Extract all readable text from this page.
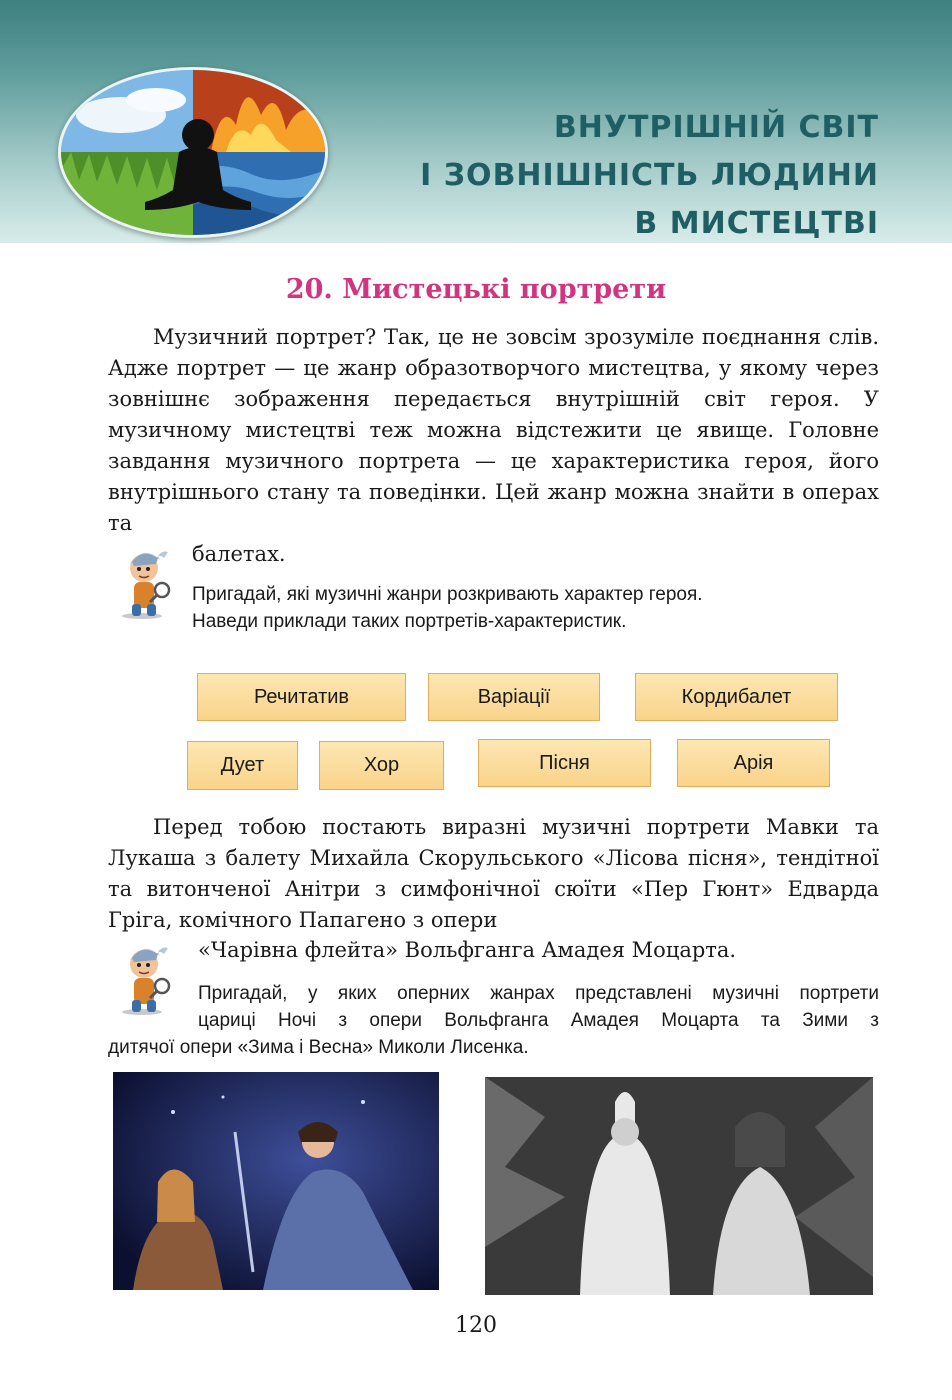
ВНУТРІШНІЙ СВІТ
І ЗОВНІШНІСТЬ ЛЮДИНИ
В МИСТЕЦТВІ
20. Мистецькі портрети
Музичний портрет? Так, це не зовсім зрозуміле поєднання слів. Адже портрет — це жанр образотворчого мистецтва, у якому через зовнішнє зображення передається внутрішній світ героя. У музичному мистецтві теж можна відстежити це явище. Головне завдання музичного портрета — це характеристика героя, його внутрішнього стану та поведінки. Цей жанр можна знайти в операх та
балетах.
Пригадай, які музичні жанри розкривають характер героя.
Наведи приклади таких портретів-характеристик.
Речитатив	Варіації	Кордибалет
Дует	Хор	Пісня	Арія
Перед тобою постають виразні музичні портрети Мавки та Лукаша з балету Михайла Скорульського «Лісова пісня», тендітної та витонченої Анітри з симфонічної сюїти «Пер Гюнт» Едварда Гріга, комічного Папагено з опери
«Чарівна флейта» Вольфганга Амадея Моцарта.
Пригадай, у яких оперних жанрах представлені музичні портрети
цариці Ночі з опери Вольфганга Амадея Моцарта та Зими з
дитячої опери «Зима і Весна» Миколи Лисенка.
120
